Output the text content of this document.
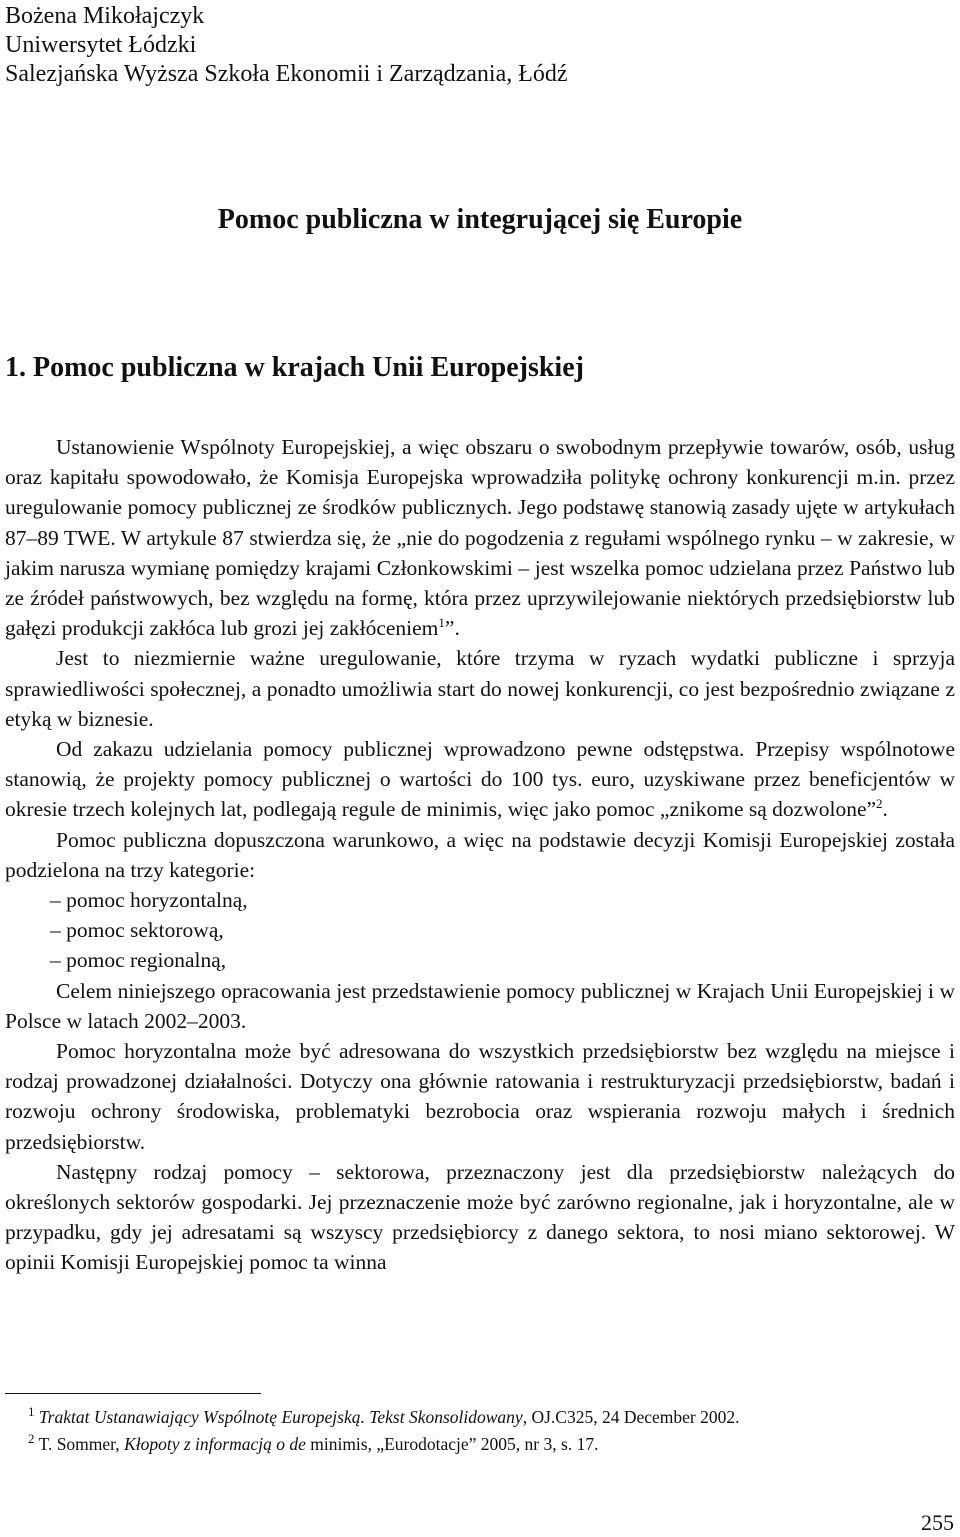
Bożena Mikołajczyk
Uniwersytet Łódzki
Salezjańska Wyższa Szkoła Ekonomii i Zarządzania, Łódź
Pomoc publiczna w integrującej się Europie
1. Pomoc publiczna w krajach Unii Europejskiej

Ustanowienie Wspólnoty Europejskiej, a więc obszaru o swobodnym przepływie towarów, osób, usług oraz kapitału spowodowało, że Komisja Europejska wprowadziła politykę ochrony konkurencji m.in. przez uregulowanie pomocy publicznej ze środków publicznych. Jego podstawę stanowią zasady ujęte w artykułach 87–89 TWE. W artykule 87 stwierdza się, że „nie do pogodzenia z regułami wspólnego rynku – w zakresie, w jakim narusza wymianę pomiędzy krajami Członkowskimi – jest wszelka pomoc udzielana przez Państwo lub ze źródeł państwowych, bez względu na formę, która przez uprzywilejowanie niektórych przedsiębiorstw lub gałęzi produkcji zakłóca lub grozi jej zakłóceniem$^1$”.

Jest to niezmiernie ważne uregulowanie, które trzyma w ryzach wydatki publiczne i sprzyja sprawiedliwości społecznej, a ponadto umożliwia start do nowej konkurencji, co jest bezpośrednio związane z etyką w biznesie.

Od zakazu udzielania pomocy publicznej wprowadzono pewne odstępstwa. Przepisy wspólnotowe stanowią, że projekty pomocy publicznej o wartości do 100 tys. euro, uzyskiwane przez beneficjentów w okresie trzech kolejnych lat, podlegają regule de minimis, więc jako pomoc „znikome są dozwolone”$^2$.

Pomoc publiczna dopuszczona warunkowo, a więc na podstawie decyzji Komisji Europejskiej została podzielona na trzy kategorie:

– pomoc horyzontalną,
– pomoc sektorową,
– pomoc regionalną,

Celem niniejszego opracowania jest przedstawienie pomocy publicznej w Krajach Unii Europejskiej i w Polsce w latach 2002–2003.

Pomoc horyzontalna może być adresowana do wszystkich przedsiębiorstw bez względu na miejsce i rodzaj prowadzonej działalności. Dotyczy ona głównie ratowania i restrukturyzacji przedsiębiorstw, badań i rozwoju ochrony środowiska, problematyki bezrobocia oraz wspierania rozwoju małych i średnich przedsiębiorstw.

Następny rodzaj pomocy – sektorowa, przeznaczony jest dla przedsiębiorstw należących do określonych sektorów gospodarki. Jej przeznaczenie może być zarówno regionalne, jak i horyzontalne, ale w przypadku, gdy jej adresatami są wszyscy przedsiębiorcy z danego sektora, to nosi miano sektorowej. W opinii Komisji Europejskiej pomoc ta winna

$^1$ Traktat Ustanawiający Wspólnotę Europejską. Tekst Skonsolidowany, OJ.C325, 24 December 2002.

$^2$ T. Sommer, Kłopoty z informacją o de minimis, „Eurodotacje” 2005, nr 3, s. 17.

255
